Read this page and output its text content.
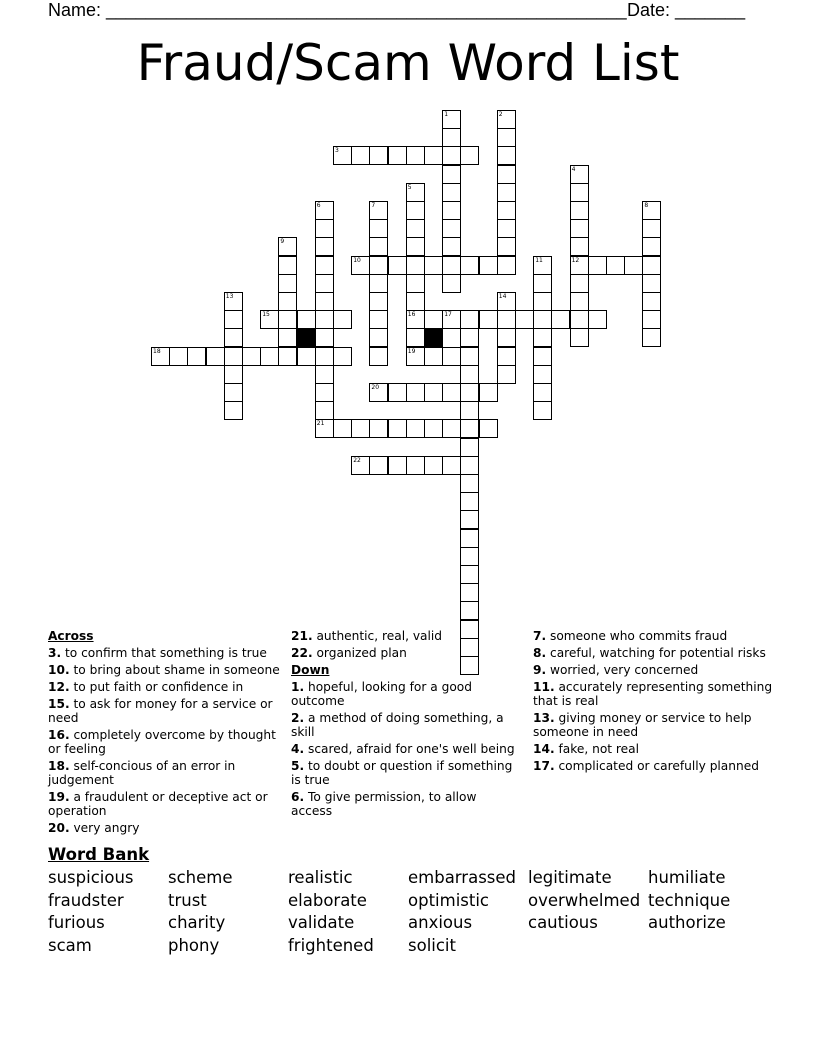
Name: ____________________________________________________ Date: _______
Fraud/Scam Word List
3
10	12
15	16	17
18	19
20
21
22
1	2
4
5
6	7	8
9
11
13	14
Across
3. to confirm that something is true
10. to bring about shame in someone
12. to put faith or confidence in
15. to ask for money for a service or need
16. completely overcome by thought or feeling
18. self-concious of an error in judgement
19. a fraudulent or deceptive act or operation
20. very angry
21. authentic, real, valid
22. organized plan
Down
1. hopeful, looking for a good outcome
2. a method of doing something, a skill
4. scared, afraid for one's well being
5. to doubt or question if something is true
6. To give permission, to allow access
7. someone who commits fraud
8. careful, watching for potential risks
9. worried, very concerned
11. accurately representing something that is real
13. giving money or service to help someone in need
14. fake, not real
17. complicated or carefully planned
Word Bank
suspicious scheme	realistic	embarrassed legitimate humiliate
fraudster	trust	elaborate optimistic overwhelmed technique
furious	charity	validate	anxious	cautious	authorize
scam	phony	frightened solicit
